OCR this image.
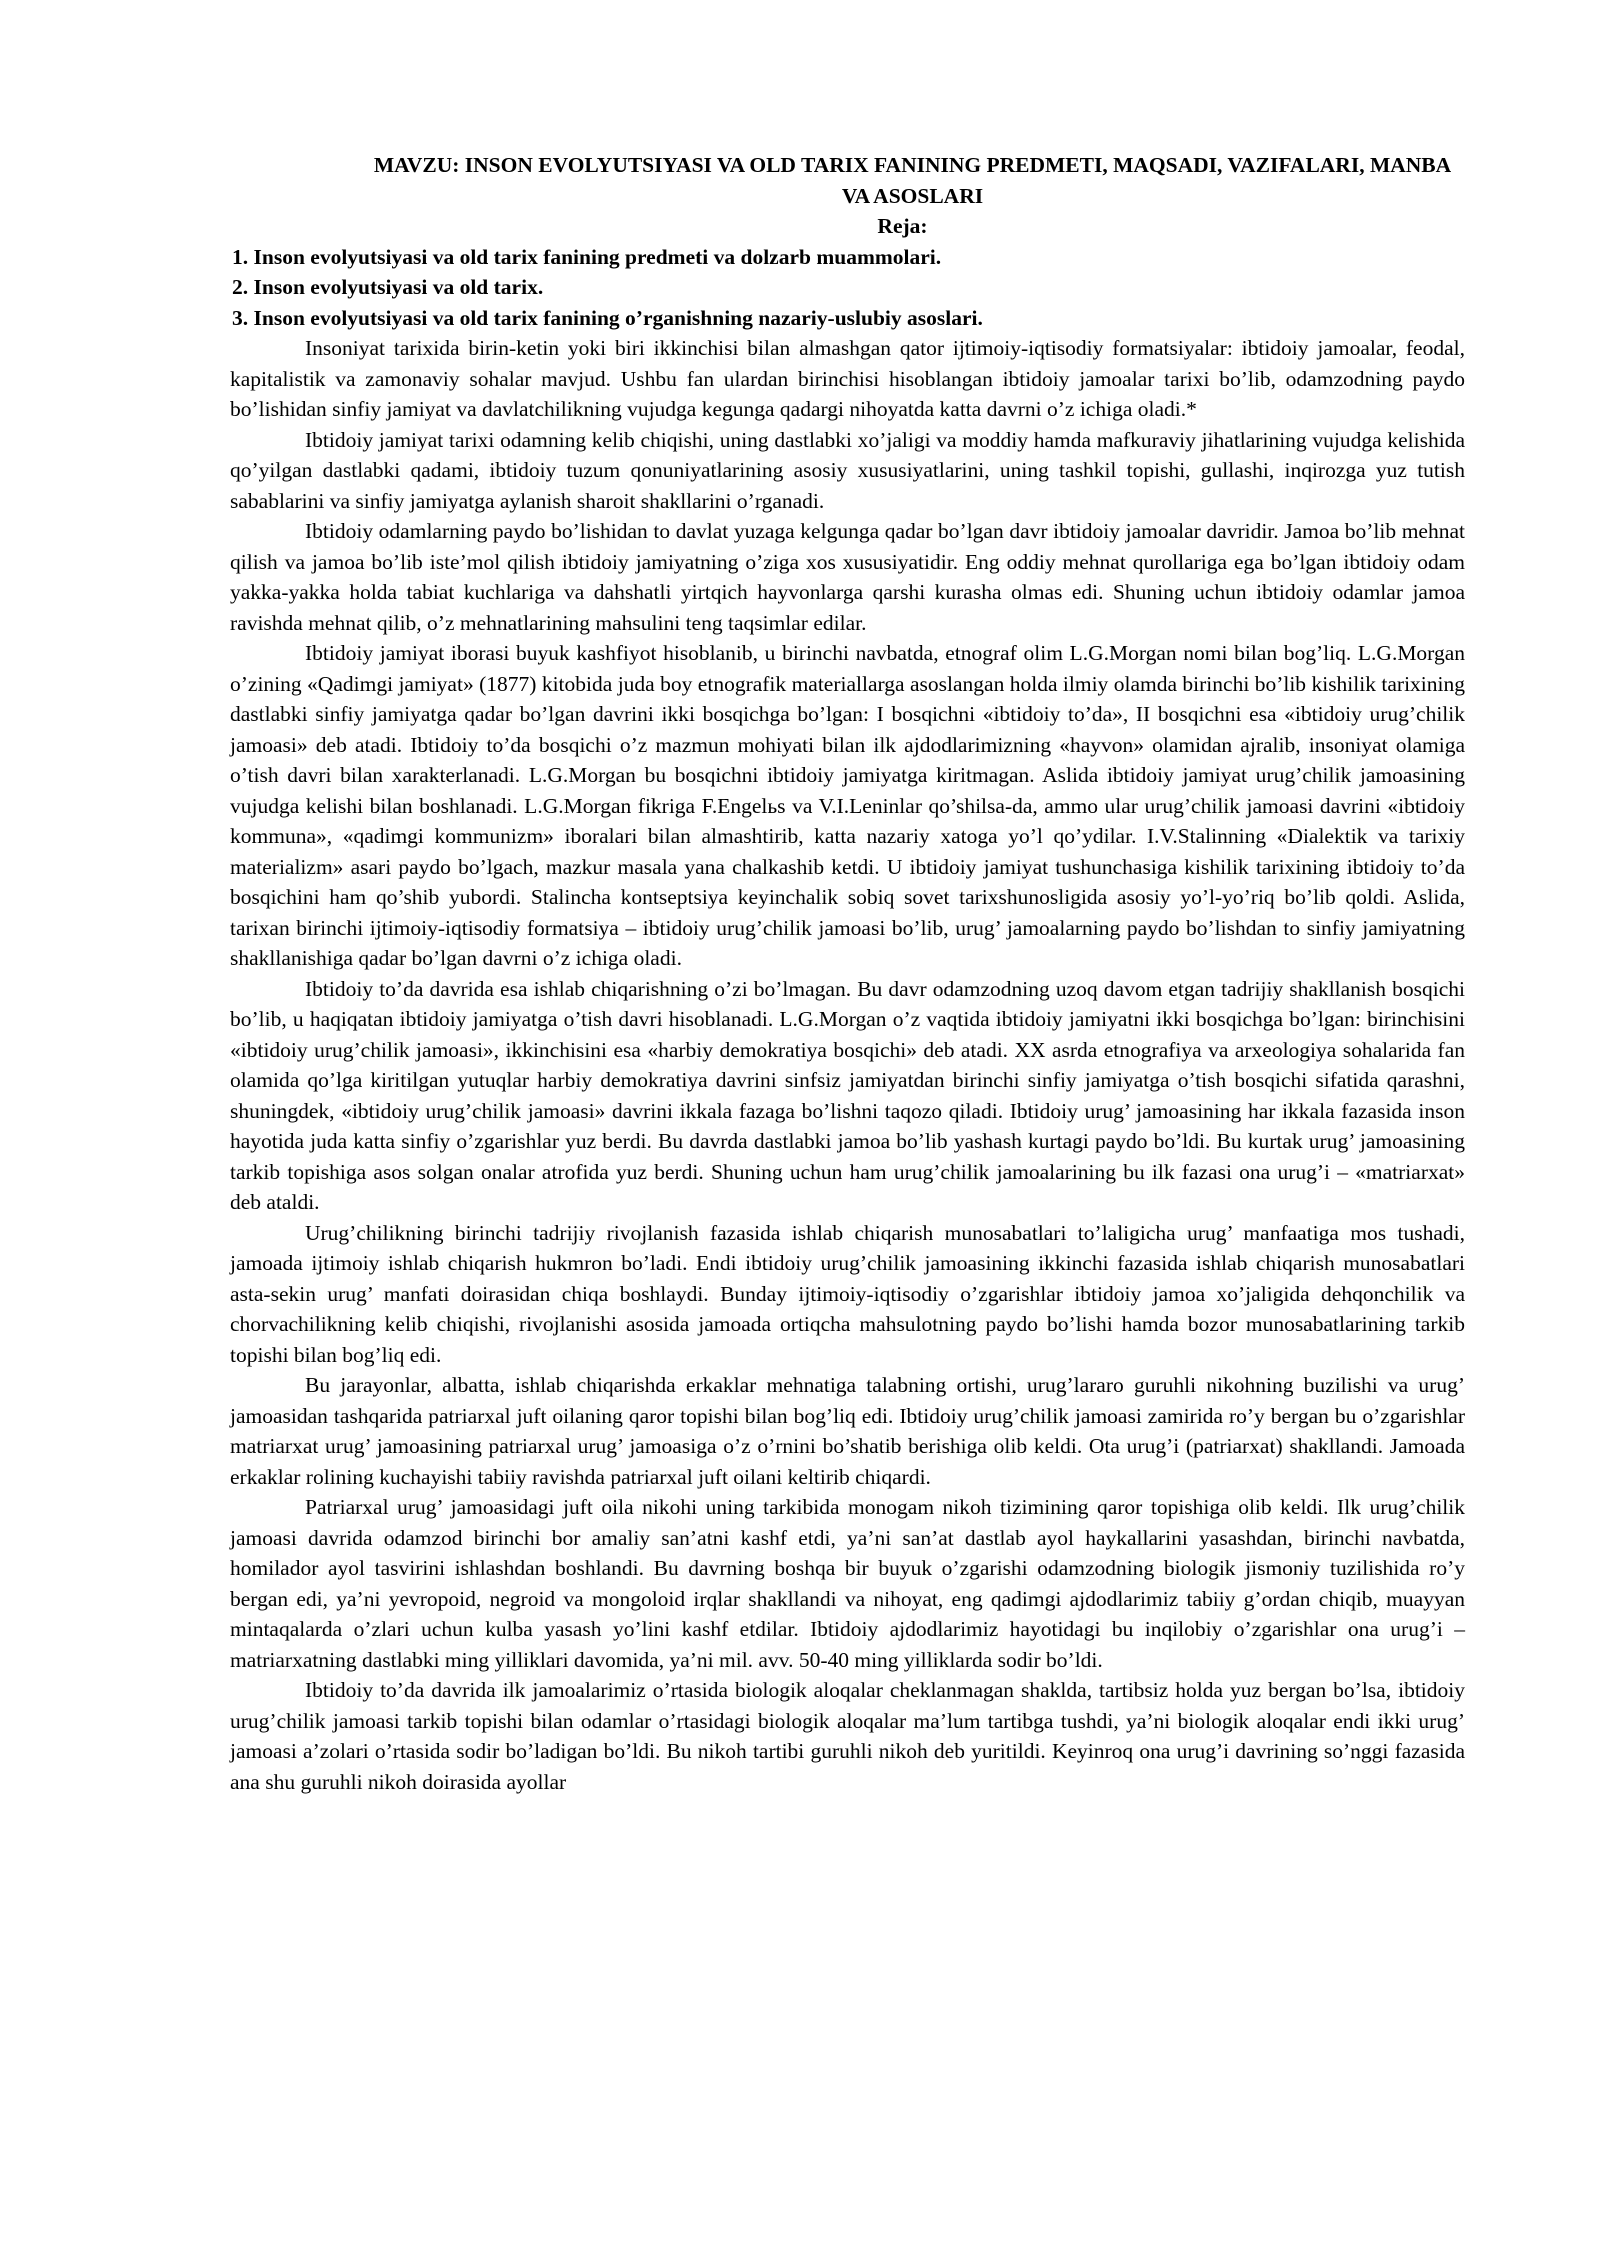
MAVZU: INSON EVOLYUTSIYASI VA OLD TARIX FANINING PREDMETI, MAQSADI, VAZIFALARI, MANBA VA ASOSLARI

Reja:

1. Inson evolyutsiyasi va old tarix fanining predmeti va dolzarb muammolari.
2. Inson evolyutsiyasi va old tarix.
3. Inson evolyutsiyasi va old tarix fanining o’rganishning nazariy-uslubiy asoslari.

Insoniyat tarixida birin-ketin yoki biri ikkinchisi bilan almashgan qator ijtimoiy-iqtisodiy formatsiyalar: ibtidoiy jamoalar, feodal, kapitalistik va zamonaviy sohalar mavjud. Ushbu fan ulardan birinchisi hisoblangan ibtidoiy jamoalar tarixi bo’lib, odamzodning paydo bo’lishidan sinfiy jamiyat va davlatchilikning vujudga kegunga qadargi nihoyatda katta davrni o’z ichiga oladi.*

Ibtidoiy jamiyat tarixi odamning kelib chiqishi, uning dastlabki xo’jaligi va moddiy hamda mafkuraviy jihatlarining vujudga kelishida qo’yilgan dastlabki qadami, ibtidoiy tuzum qonuniyatlarining asosiy xususiyatlarini, uning tashkil topishi, gullashi, inqirozga yuz tutish sabablarini va sinfiy jamiyatga aylanish sharoit shakllarini o’rganadi.

Ibtidoiy odamlarning paydo bo’lishidan to davlat yuzaga kelgunga qadar bo’lgan davr ibtidoiy jamoalar davridir. Jamoa bo’lib mehnat qilish va jamoa bo’lib iste’mol qilish ibtidoiy jamiyatning o’ziga xos xususiyatidir. Eng oddiy mehnat qurollariga ega bo’lgan ibtidoiy odam yakka-yakka holda tabiat kuchlariga va dahshatli yirtqich hayvonlarga qarshi kurasha olmas edi. Shuning uchun ibtidoiy odamlar jamoa ravishda mehnat qilib, o’z mehnatlarining mahsulini teng taqsimlar edilar.

Ibtidoiy jamiyat iborasi buyuk kashfiyot hisoblanib, u birinchi navbatda, etnograf olim L.G.Morgan nomi bilan bog’liq. L.G.Morgan o’zining «Qadimgi jamiyat» (1877) kitobida juda boy etnografik materiallarga asoslangan holda ilmiy olamda birinchi bo’lib kishilik tarixining dastlabki sinfiy jamiyatga qadar bo’lgan davrini ikki bosqichga bo’lgan: I bosqichni «ibtidoiy to’da», II bosqichni esa «ibtidoiy urug’chilik jamoasi» deb atadi. Ibtidoiy to’da bosqichi o’z mazmun mohiyati bilan ilk ajdodlarimizning «hayvon» olamidan ajralib, insoniyat olamiga o’tish davri bilan xarakterlanadi. L.G.Morgan bu bosqichni ibtidoiy jamiyatga kiritmagan. Aslida ibtidoiy jamiyat urug’chilik jamoasining vujudga kelishi bilan boshlanadi. L.G.Morgan fikriga F.Engelьs va V.I.Leninlar qo’shilsa-da, ammo ular urug’chilik jamoasi davrini «ibtidoiy kommuna», «qadimgi kommunizm» iboralari bilan almashtirib, katta nazariy xatoga yo’l qo’ydilar. I.V.Stalinning «Dialektik va tarixiy materializm» asari paydo bo’lgach, mazkur masala yana chalkashib ketdi. U ibtidoiy jamiyat tushunchasiga kishilik tarixining ibtidoiy to’da bosqichini ham qo’shib yubordi. Stalincha kontseptsiya keyinchalik sobiq sovet tarixshunosligida asosiy yo’l-yo’riq bo’lib qoldi. Aslida, tarixan birinchi ijtimoiy-iqtisodiy formatsiya – ibtidoiy urug’chilik jamoasi bo’lib, urug’ jamoalarning paydo bo’lishdan to sinfiy jamiyatning shakllanishiga qadar bo’lgan davrni o’z ichiga oladi.

Ibtidoiy to’da davrida esa ishlab chiqarishning o’zi bo’lmagan. Bu davr odamzodning uzoq davom etgan tadrijiy shakllanish bosqichi bo’lib, u haqiqatan ibtidoiy jamiyatga o’tish davri hisoblanadi. L.G.Morgan o’z vaqtida ibtidoiy jamiyatni ikki bosqichga bo’lgan: birinchisini «ibtidoiy urug’chilik jamoasi», ikkinchisini esa «harbiy demokratiya bosqichi» deb atadi. XX asrda etnografiya va arxeologiya sohalarida fan olamida qo’lga kiritilgan yutuqlar harbiy demokratiya davrini sinfsiz jamiyatdan birinchi sinfiy jamiyatga o’tish bosqichi sifatida qarashni, shuningdek, «ibtidoiy urug’chilik jamoasi» davrini ikkala fazaga bo’lishni taqozo qiladi. Ibtidoiy urug’ jamoasining har ikkala fazasida inson hayotida juda katta sinfiy o’zgarishlar yuz berdi. Bu davrda dastlabki jamoa bo’lib yashash kurtagi paydo bo’ldi. Bu kurtak urug’ jamoasining tarkib topishiga asos solgan onalar atrofida yuz berdi. Shuning uchun ham urug’chilik jamoalarining bu ilk fazasi ona urug’i – «matriarxat» deb ataldi.

Urug’chilikning birinchi tadrijiy rivojlanish fazasida ishlab chiqarish munosabatlari to’laligicha urug’ manfaatiga mos tushadi, jamoada ijtimoiy ishlab chiqarish hukmron bo’ladi. Endi ibtidoiy urug’chilik jamoasining ikkinchi fazasida ishlab chiqarish munosabatlari asta-sekin urug’ manfati doirasidan chiqa boshlaydi. Bunday ijtimoiy-iqtisodiy o’zgarishlar ibtidoiy jamoa xo’jaligida dehqonchilik va chorvachilikning kelib chiqishi, rivojlanishi asosida jamoada ortiqcha mahsulotning paydo bo’lishi hamda bozor munosabatlarining tarkib topishi bilan bog’liq edi.

Bu jarayonlar, albatta, ishlab chiqarishda erkaklar mehnatiga talabning ortishi, urug’lararo guruhli nikohning buzilishi va urug’ jamoasidan tashqarida patriarxal juft oilaning qaror topishi bilan bog’liq edi. Ibtidoiy urug’chilik jamoasi zamirida ro’y bergan bu o’zgarishlar matriarxat urug’ jamoasining patriarxal urug’ jamoasiga o’z o’rnini bo’shatib berishiga olib keldi. Ota urug’i (patriarxat) shakllandi. Jamoada erkaklar rolining kuchayishi tabiiy ravishda patriarxal juft oilani keltirib chiqardi.

Patriarxal urug’ jamoasidagi juft oila nikohi uning tarkibida monogam nikoh tizimining qaror topishiga olib keldi. Ilk urug’chilik jamoasi davrida odamzod birinchi bor amaliy san’atni kashf etdi, ya’ni san’at dastlab ayol haykallarini yasashdan, birinchi navbatda, homilador ayol tasvirini ishlashdan boshlandi. Bu davrning boshqa bir buyuk o’zgarishi odamzodning biologik jismoniy tuzilishida ro’y bergan edi, ya’ni yevropoid, negroid va mongoloid irqlar shakllandi va nihoyat, eng qadimgi ajdodlarimiz tabiiy g’ordan chiqib, muayyan mintaqalarda o’zlari uchun kulba yasash yo’lini kashf etdilar. Ibtidoiy ajdodlarimiz hayotidagi bu inqilobiy o’zgarishlar ona urug’i – matriarxatning dastlabki ming yilliklari davomida, ya’ni mil. avv. 50-40 ming yilliklarda sodir bo’ldi.

Ibtidoiy to’da davrida ilk jamoalarimiz o’rtasida biologik aloqalar cheklanmagan shaklda, tartibsiz holda yuz bergan bo’lsa, ibtidoiy urug’chilik jamoasi tarkib topishi bilan odamlar o’rtasidagi biologik aloqalar ma’lum tartibga tushdi, ya’ni biologik aloqalar endi ikki urug’ jamoasi a’zolari o’rtasida sodir bo’ladigan bo’ldi. Bu nikoh tartibi guruhli nikoh deb yuritildi. Keyinroq ona urug’i davrining so’nggi fazasida ana shu guruhli nikoh doirasida ayollar
